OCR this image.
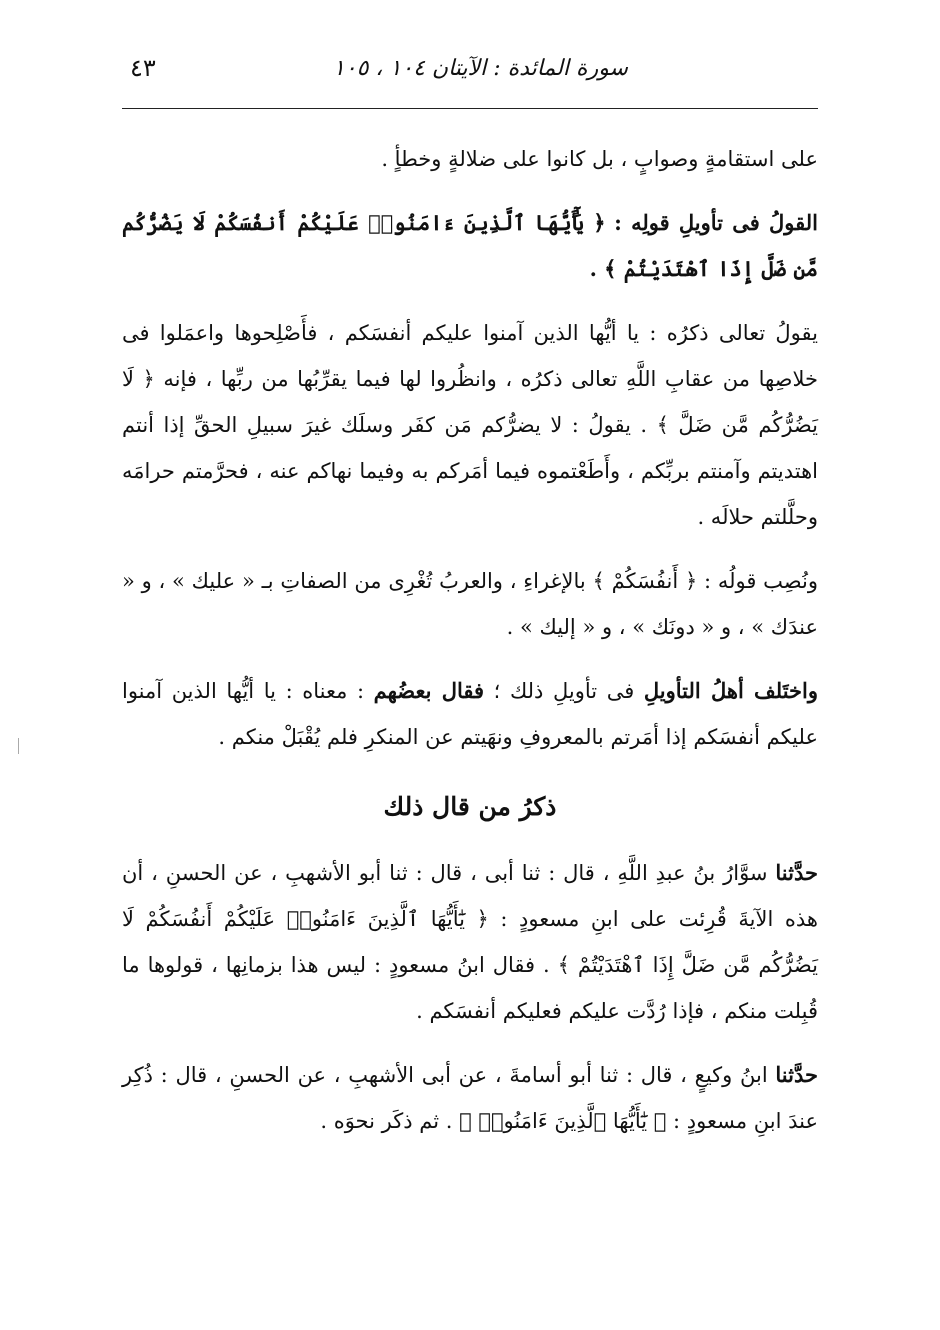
سورة المائدة : الآيتان ١٠٤ ، ١٠٥
٤٣

على استقامةٍ وصوابٍ ، بل كانوا على ضلالةٍ وخطأٍ .

القولُ فى تأويلِ قولِه : ﴿ يَٰٓأَيُّهَا ٱلَّذِينَ ءَامَنُوا۟ عَلَيْكُمْ أَنفُسَكُمْ لَا يَضُرُّكُم مَّن ضَلَّ إِذَا ٱهْتَدَيْتُمْ ﴾ .

يقولُ تعالى ذكرُه : يا أيُّها الذين آمنوا عليكم أنفسَكم ، فأَصْلِحوها واعمَلوا فى خلاصِها من عقابِ اللَّهِ تعالى ذكرُه ، وانظُروا لها فيما يقرِّبُها من ربِّها ، فإنه ﴿ لَا يَضُرُّكُم مَّن ضَلَّ ﴾ . يقولُ : لا يضرُّكم مَن كفَر وسلَك غيرَ سبيلِ الحقِّ إذا أنتم اهتديتم وآمنتم بربِّكم ، وأَطَعْتموه فيما أمَركم به وفيما نهاكم عنه ، فحرَّمتم حرامَه وحلَّلتم حلالَه .

ونُصِب قولُه : ﴿ أَنفُسَكُمْ ﴾ بالإغراءِ ، والعربُ تُغْرِى من الصفاتِ بـ « عليك » ، و « عندَك » ، و « دونَك » ، و « إليك » .

واختَلف أهلُ التأويلِ فى تأويلِ ذلك ؛ فقال بعضُهم : معناه : يا أيُّها الذين آمنوا عليكم أنفسَكم إذا أمَرتم بالمعروفِ ونهَيتم عن المنكرِ فلم يُقْبَلْ منكم .

ذكرُ من قال ذلك

حدَّثنا سوَّارُ بنُ عبدِ اللَّهِ ، قال : ثنا أبى ، قال : ثنا أبو الأشهبِ ، عن الحسنِ ، أن هذه الآيةَ قُرِئت على ابنِ مسعودٍ : ﴿ يَٰٓأَيُّهَا ٱلَّذِينَ ءَامَنُوا۟ عَلَيْكُمْ أَنفُسَكُمْ لَا يَضُرُّكُم مَّن ضَلَّ إِذَا ٱهْتَدَيْتُمْ ﴾ . فقال ابنُ مسعودٍ : ليس هذا بزمانِها ، قولوها ما قُبِلت منكم ، فإذا رُدَّت عليكم فعليكم أنفسَكم .

حدَّثنا ابنُ وكيعٍ ، قال : ثنا أبو أسامةَ ، عن أبى الأشهبِ ، عن الحسنِ ، قال : ذُكِر عندَ ابنِ مسعودٍ : ﴿ يَٰٓأَيُّهَا ٱلَّذِينَ ءَامَنُوا۟ ﴾ . ثم ذكَر نحوَه .
